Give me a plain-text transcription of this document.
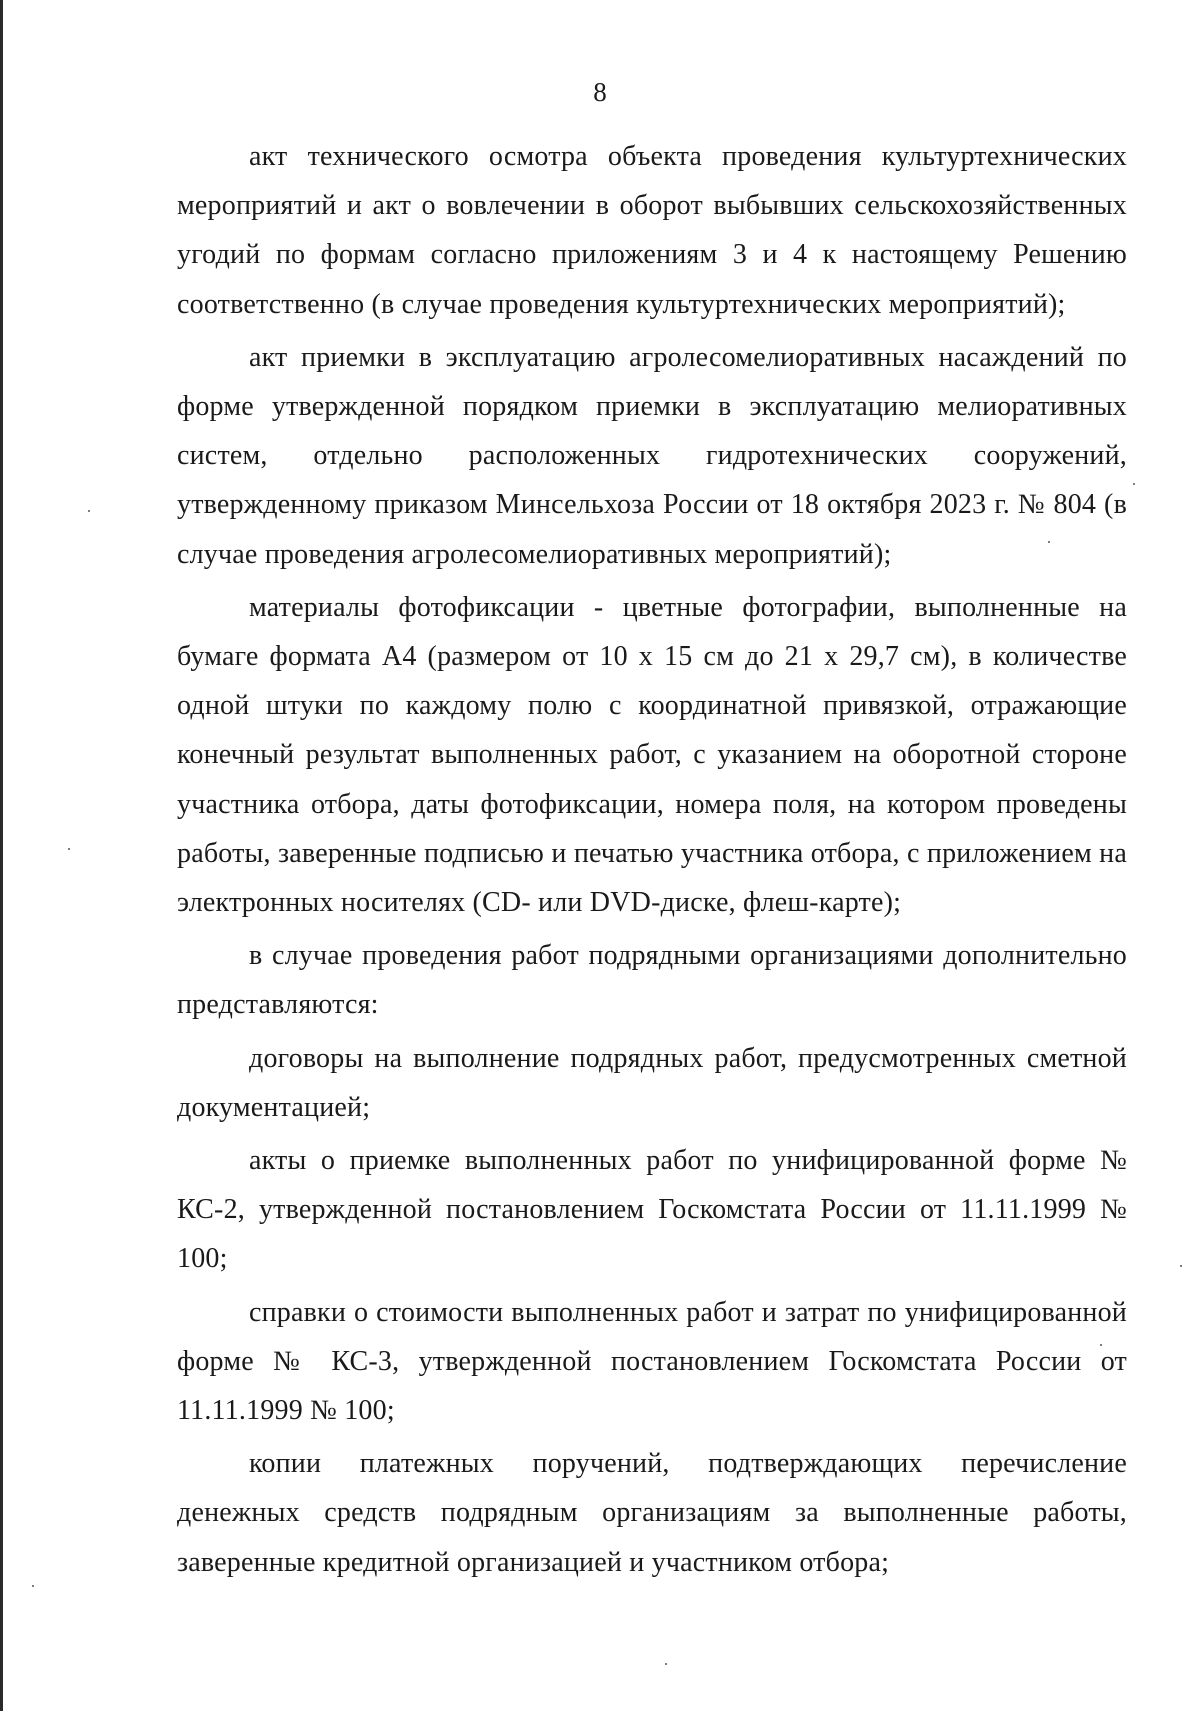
8

акт технического осмотра объекта проведения культуртехнических мероприятий и акт о вовлечении в оборот выбывших сельскохозяйственных угодий по формам согласно приложениям 3 и 4 к настоящему Решению соответственно (в случае проведения культуртехнических мероприятий);

акт приемки в эксплуатацию агролесомелиоративных насаждений по форме утвержденной порядком приемки в эксплуатацию мелиоративных систем, отдельно расположенных гидротехнических сооружений, утвержденному приказом Минсельхоза России от 18 октября 2023 г. № 804 (в случае проведения агролесомелиоративных мероприятий);

материалы фотофиксации - цветные фотографии, выполненные на бумаге формата А4 (размером от 10 х 15 см до 21 х 29,7 см), в количестве одной штуки по каждому полю с координатной привязкой, отражающие конечный результат выполненных работ, с указанием на оборотной стороне участника отбора, даты фотофиксации, номера поля, на котором проведены работы, заверенные подписью и печатью участника отбора, с приложением на электронных носителях (CD- или DVD-диске, флеш-карте);

в случае проведения работ подрядными организациями дополнительно представляются:

договоры на выполнение подрядных работ, предусмотренных сметной документацией;

акты о приемке выполненных работ по унифицированной форме № КС-2, утвержденной постановлением Госкомстата России от 11.11.1999 № 100;

справки о стоимости выполненных работ и затрат по унифицированной форме № КС-3, утвержденной постановлением Госкомстата России от 11.11.1999 № 100;

копии платежных поручений, подтверждающих перечисление денежных средств подрядным организациям за выполненные работы, заверенные кредитной организацией и участником отбора;
